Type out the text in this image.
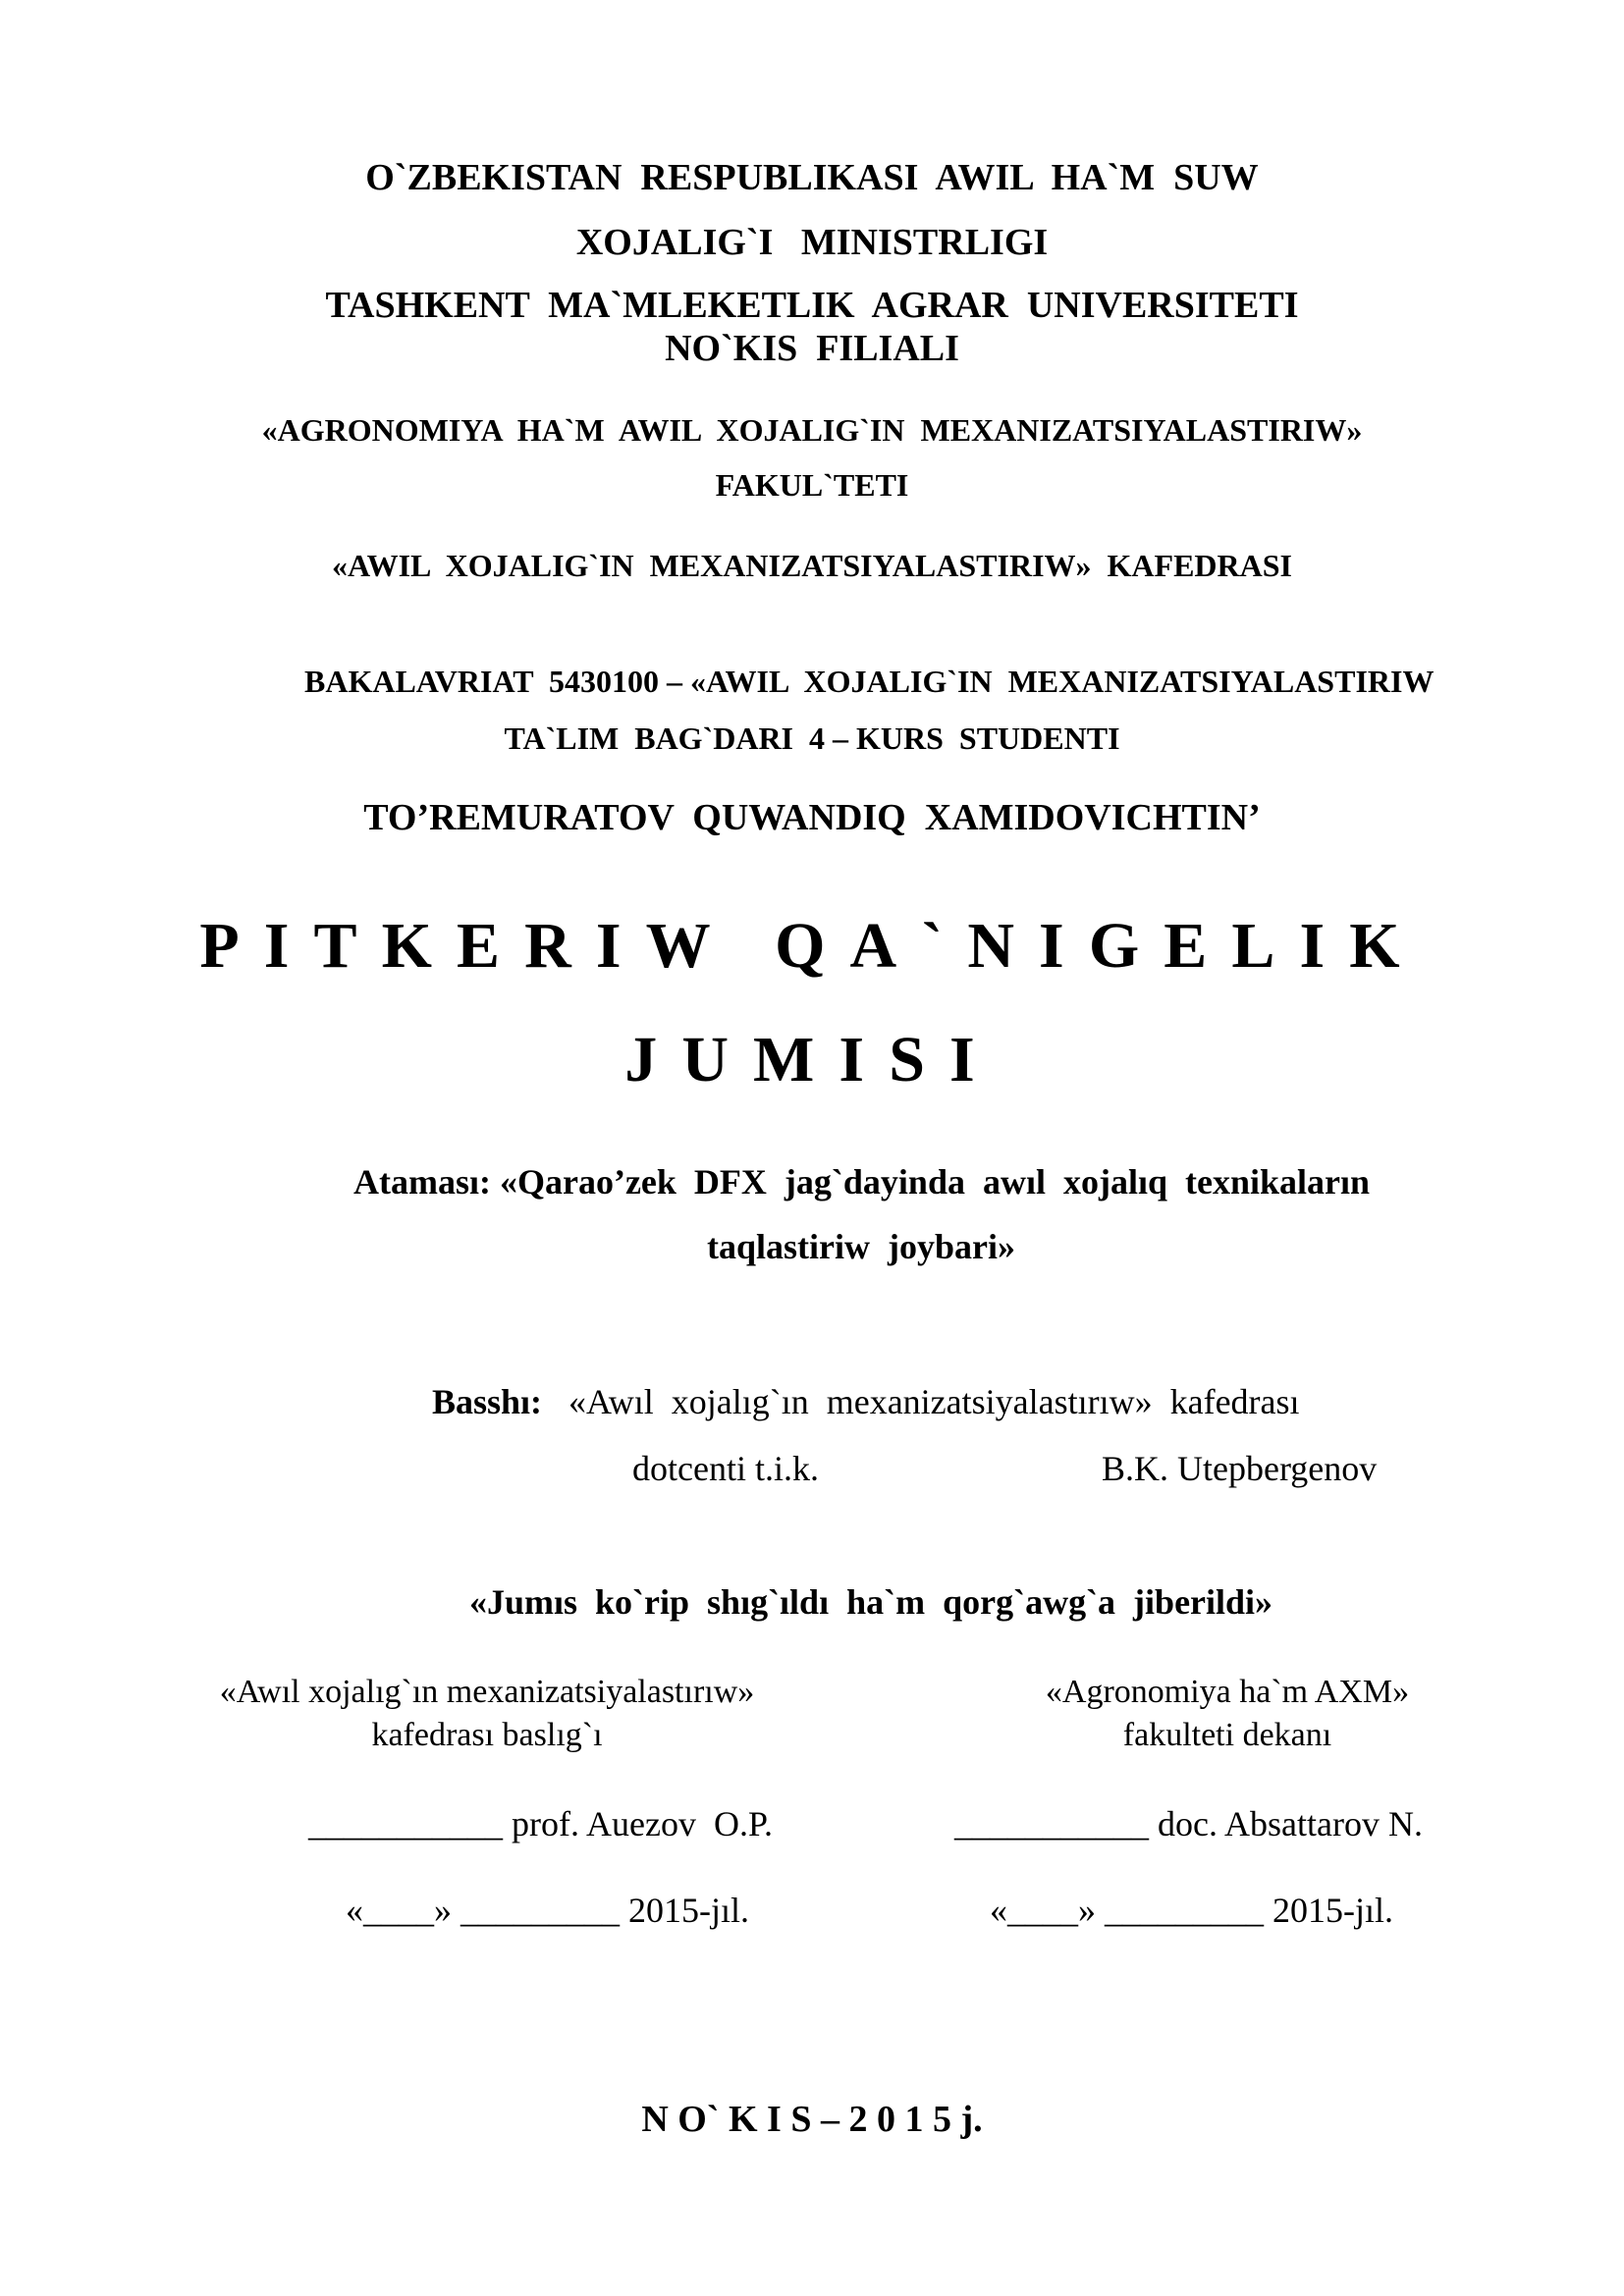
O`ZBEKISTAN  RESPUBLIKASI  AWIL  HA`M  SUW

XOJALIG`I   MINISTRLIGI

TASHKENT  MA`MLEKETLIK  AGRAR  UNIVERSITETI

NO`KIS  FILIALI

«AGRONOMIYA  HA`M  AWIL  XOJALIG`IN  MEXANIZATSIYALASTIRIW»

FAKUL`TETI

«AWIL  XOJALIG`IN  MEXANIZATSIYALASTIRIW»  KAFEDRASI

BAKALAVRIAT  5430100 – «AWIL  XOJALIG`IN  MEXANIZATSIYALASTIRIW

TA`LIM  BAG`DARI  4 – KURS  STUDENTI

TO’REMURATOV  QUWANDIQ  XAMIDOVICHTIN’

PITKERIW QA`NIGELIK

JUMISI

Ataması: «Qarao’zek  DFX  jag`dayinda  awıl  xojalıq  texnikaların

taqlastiriw  joybari»

Basshı: «Awıl  xojalıg`ın  mexanizatsiyalastırıw»  kafedrası

dotcenti t.i.k.	B.K. Utepbergenov

«Jumıs  ko`rip  shıg`ıldı  ha`m  qorg`awg`a  jiberildi»

«Awıl xojalıg`ın mexanizatsiyalastırıw»

kafedrası baslıg`ı

«Agronomiya ha`m AXM»

fakulteti dekanı

___________ prof. Auezov  O.P.	___________ doc. Absattarov N.

«____» _________ 2015-jıl.	«____» _________ 2015-jıl.

N O` K I S – 2 0 1 5 j.
